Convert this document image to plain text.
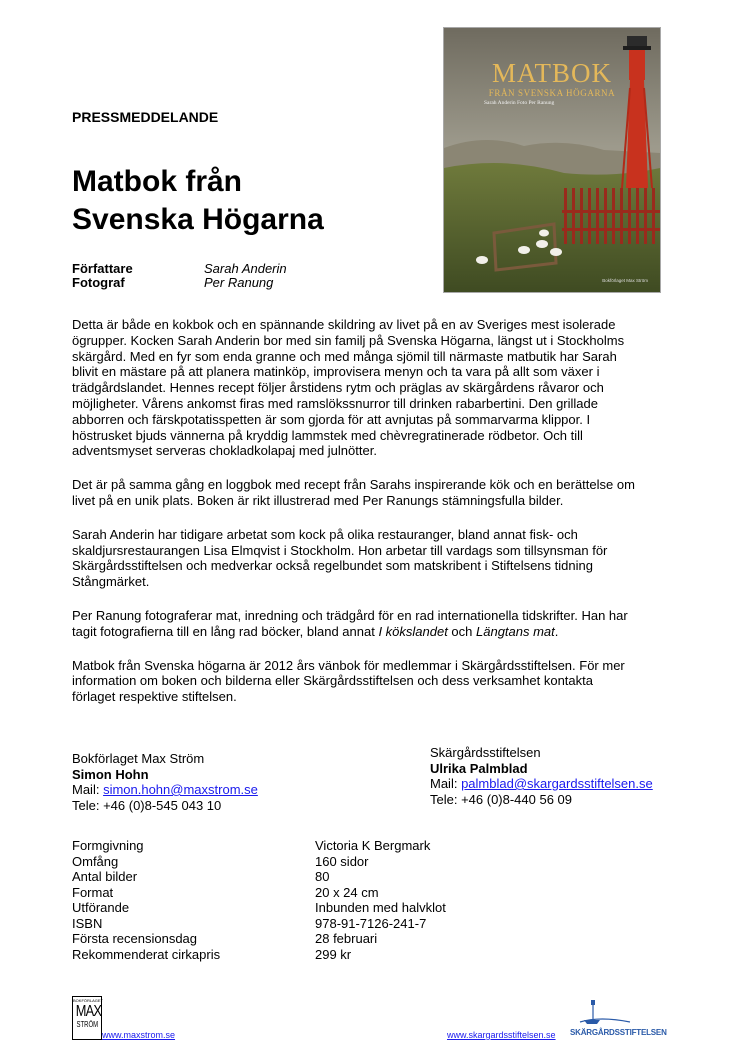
PRESSMEDDELANDE
Matbok från
Svenska Högarna
Författare	Sarah Anderin
Fotograf	Per Ranung
MATBOK
FRÅN SVENSKA HÖGARNA
Sarah Anderin Foto Per Ranung
Bokförlaget Max Ström

Detta är både en kokbok och en spännande skildring av livet på en av Sveriges mest isolerade
ögrupper. Kocken Sarah Anderin bor med sin familj på Svenska Högarna, längst ut i Stockholms
skärgård. Med en fyr som enda granne och med många sjömil till närmaste matbutik har Sarah
blivit en mästare på att planera matinköp, improvisera menyn och ta vara på allt som växer i
trädgårdslandet. Hennes recept följer årstidens rytm och präglas av skärgårdens råvaror och
möjligheter. Vårens ankomst firas med ramslökssnurror till drinken rabarbertini. Den grillade
abborren och färskpotatisspetten är som gjorda för att avnjutas på sommarvarma klippor. I
höstrusket bjuds vännerna på kryddig lammstek med chèvregratinerade rödbetor. Och till
adventsmyset serveras chokladkolapaj med julnötter.

Det är på samma gång en loggbok med recept från Sarahs inspirerande kök och en berättelse om
livet på en unik plats. Boken är rikt illustrerad med Per Ranungs stämningsfulla bilder.

Sarah Anderin har tidigare arbetat som kock på olika restauranger, bland annat fisk- och
skaldjursrestaurangen Lisa Elmqvist i Stockholm. Hon arbetar till vardags som tillsynsman för
Skärgårdsstiftelsen och medverkar också regelbundet som matskribent i Stiftelsens tidning
Stångmärket.

Per Ranung fotograferar mat, inredning och trädgård för en rad internationella tidskrifter. Han har
tagit fotografierna till en lång rad böcker, bland annat I kökslandet och Längtans mat.

Matbok från Svenska högarna är 2012 års vänbok för medlemmar i Skärgårdsstiftelsen. För mer
information om boken och bilderna eller Skärgårdsstiftelsen och dess verksamhet kontakta
förlaget respektive stiftelsen.

Bokförlaget Max Ström
Simon Hohn
Mail: simon.hohn@maxstrom.se
Tele: +46 (0)8-545 043 10
Skärgårdsstiftelsen
Ulrika Palmblad
Mail: palmblad@skargardsstiftelsen.se
Tele: +46 (0)8-440 56 09
Formgivning	Victoria K Bergmark
Omfång	160 sidor
Antal bilder	80
Format	20 x 24 cm
Utförande	Inbunden med halvklot
ISBN	978-91-7126-241-7
Första recensionsdag	28 februari
Rekommenderat cirkapris	299 kr
BOKFÖRLAGET
MAX
STRÖM
www.maxstrom.se	www.skargardsstiftelsen.se SKÄRGÅRDSSTIFTELSEN
